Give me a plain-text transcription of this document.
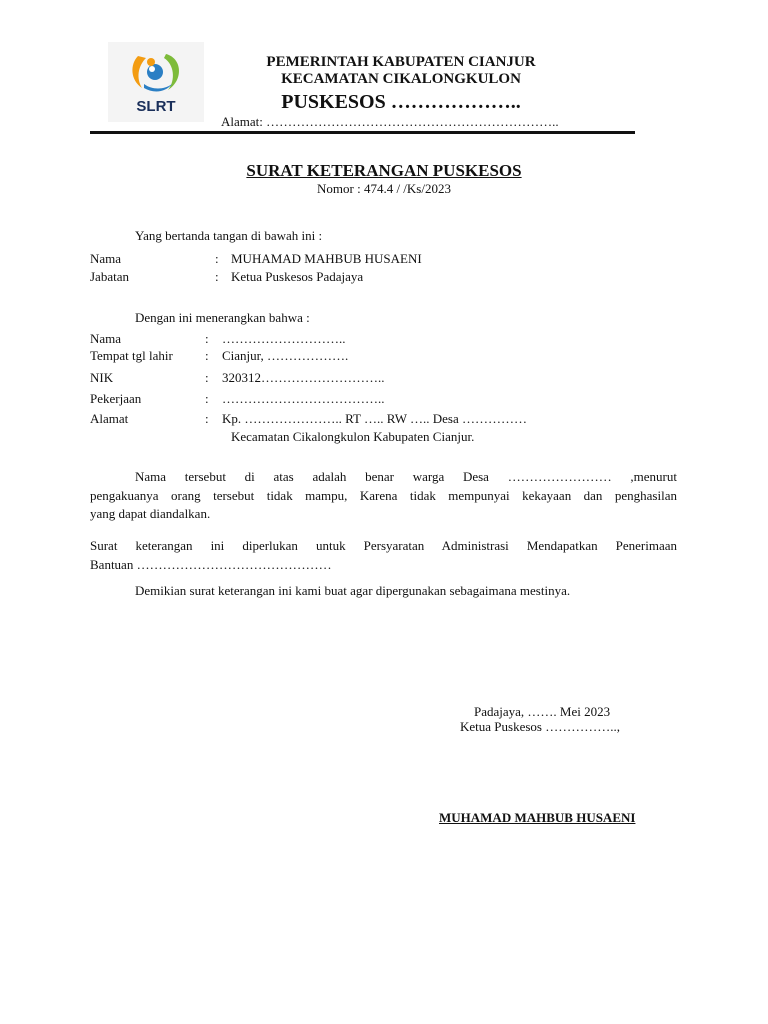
SLRT
PEMERINTAH KABUPATEN CIANJUR
KECAMATAN CIKALONGKULON
PUSKESOS ………………..
Alamat: …………………………………………………………..
SURAT KETERANGAN PUSKESOS
Nomor : 474.4 / /Ks/2023
Yang bertanda tangan di bawah ini :
Nama	: MUHAMAD MAHBUB HUSAENI
Jabatan	: Ketua Puskesos Padajaya
Dengan ini menerangkan bahwa :
Nama	: ………………………..
Tempat tgl lahir : Cianjur, ……………….
NIK	: 320312………………………..
Pekerjaan	: ………………………………..
Alamat	: Kp. ………………….. RT ….. RW ….. Desa ……………
Kecamatan Cikalongkulon Kabupaten Cianjur.

Nama tersebut di atas adalah benar warga Desa …………………… ,menurut

pengakuanya orang tersebut tidak mampu, Karena tidak mempunyai kekayaan dan penghasilan

yang dapat diandalkan.

Surat keterangan ini diperlukan untuk Persyaratan Administrasi Mendapatkan Penerimaan

Bantuan ………………………………………

Demikian surat keterangan ini kami buat agar dipergunakan sebagaimana mestinya.
Padajaya, ……. Mei 2023
Ketua Puskesos ……………..,
MUHAMAD MAHBUB HUSAENI
